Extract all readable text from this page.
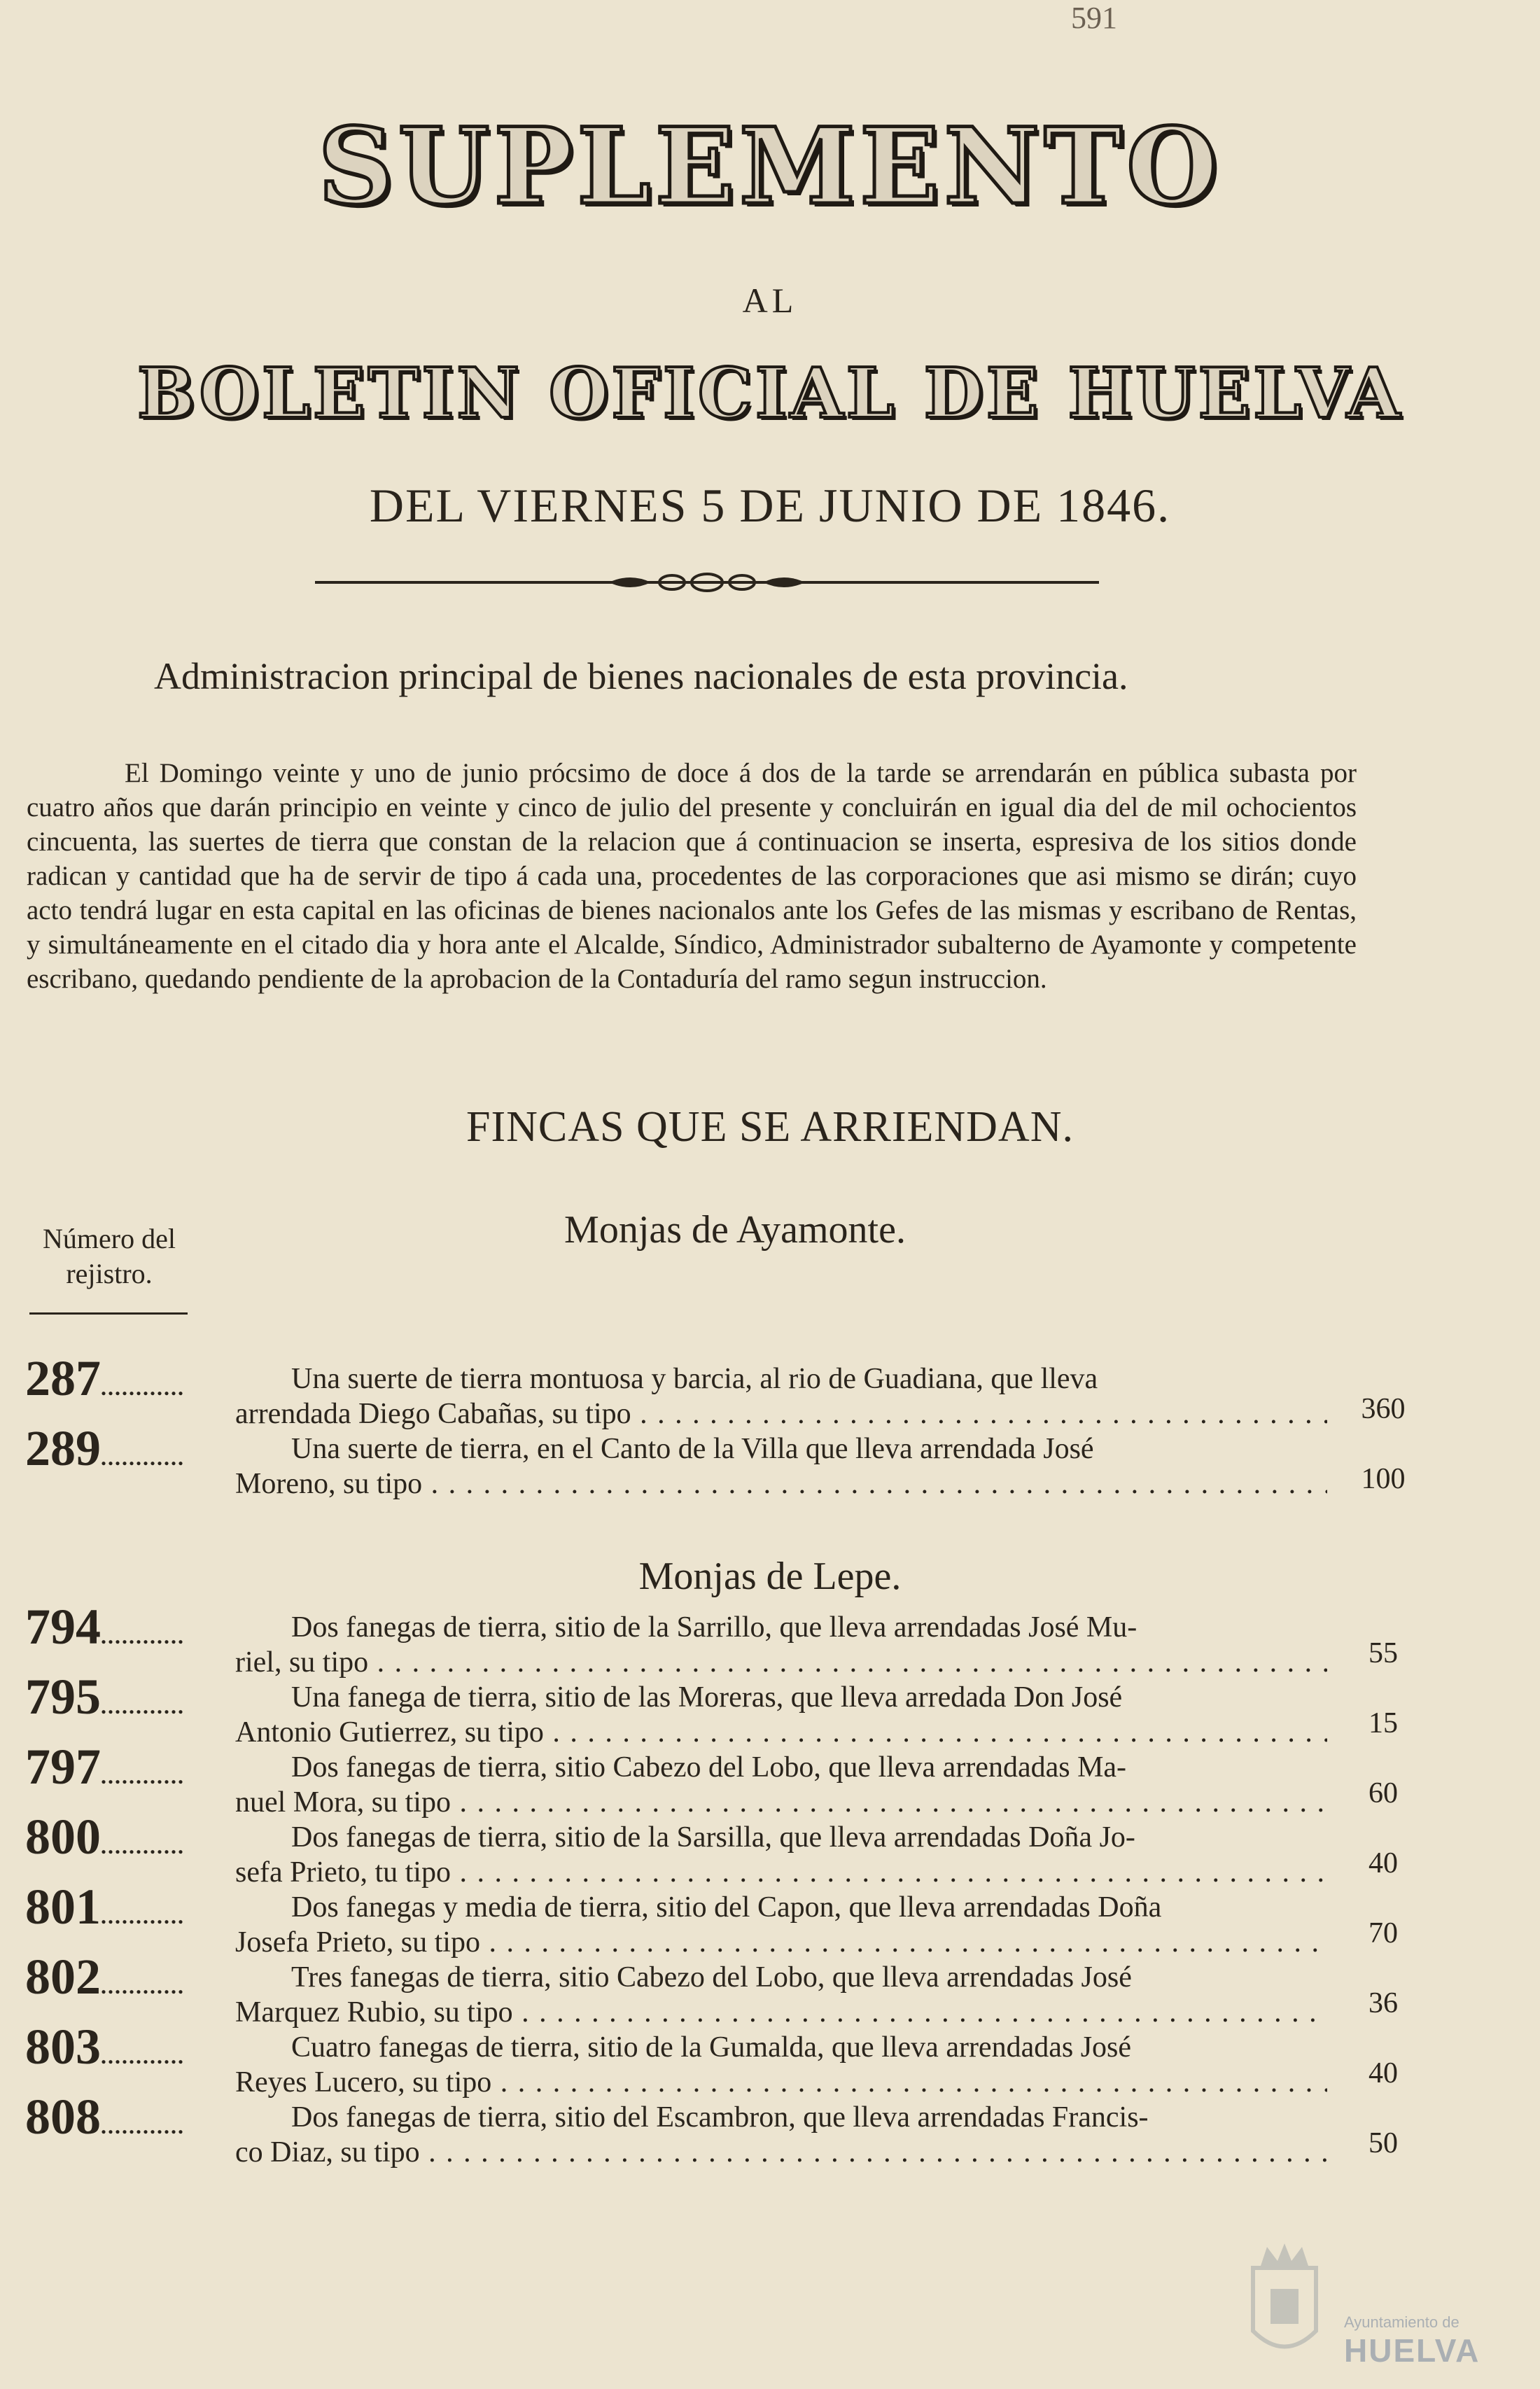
591
SUPLEMENTO
AL
BOLETIN OFICIAL DE HUELVA
DEL VIERNES 5 DE JUNIO DE 1846.
Administracion principal de bienes nacionales de esta provincia.
El Domingo veinte y uno de junio prócsimo de doce á dos de la tarde se arrendarán en pública subasta por cuatro años que darán principio en veinte y cinco de julio del presente y concluirán en igual dia del de mil ochocientos cincuenta, las suertes de tierra que constan de la relacion que á continuacion se inserta, espresiva de los sitios donde radican y cantidad que ha de servir de tipo á cada una, procedentes de las corporaciones que asi mismo se dirán; cuyo acto tendrá lugar en esta capital en las oficinas de bienes nacionalos ante los Gefes de las mismas y escribano de Rentas, y simultáneamente en el citado dia y hora ante el Alcalde, Síndico, Administrador subalterno de Ayamonte y competente escribano, quedando pendiente de la aprobacion de la Contaduría del ramo segun instruccion.
FINCAS QUE SE ARRIENDAN.
Número del
rejistro.
Monjas de Ayamonte.
287............	Una suerte de tierra montuosa y barcia, al rio de Guadiana, que lleva
arrendada Diego Cabañas, su tipo . . .	360
289............	Una suerte de tierra, en el Canto de la Villa que lleva arrendada José
Moreno, su tipo . . .	100
Monjas de Lepe.
794............	Dos fanegas de tierra, sitio de la Sarrillo, que lleva arrendadas José Mu-
riel, su tipo . . .	55
795............	Una fanega de tierra, sitio de las Moreras, que lleva arredada Don José
Antonio Gutierrez, su tipo . . .	15
797............	Dos fanegas de tierra, sitio Cabezo del Lobo, que lleva arrendadas Ma-
nuel Mora, su tipo . . .	60
800............	Dos fanegas de tierra, sitio de la Sarsilla, que lleva arrendadas Doña Jo-
sefa Prieto, tu tipo . . .	40
801............	Dos fanegas y media de tierra, sitio del Capon, que lleva arrendadas Doña
Josefa Prieto, su tipo . . .	70
802............	Tres fanegas de tierra, sitio Cabezo del Lobo, que lleva arrendadas José
Marquez Rubio, su tipo . . .	36
803............	Cuatro fanegas de tierra, sitio de la Gumalda, que lleva arrendadas José
Reyes Lucero, su tipo . . .	40
808............	Dos fanegas de tierra, sitio del Escambron, que lleva arrendadas Francis-
co Diaz, su tipo . . .	50
Ayuntamiento de
HUELVA
